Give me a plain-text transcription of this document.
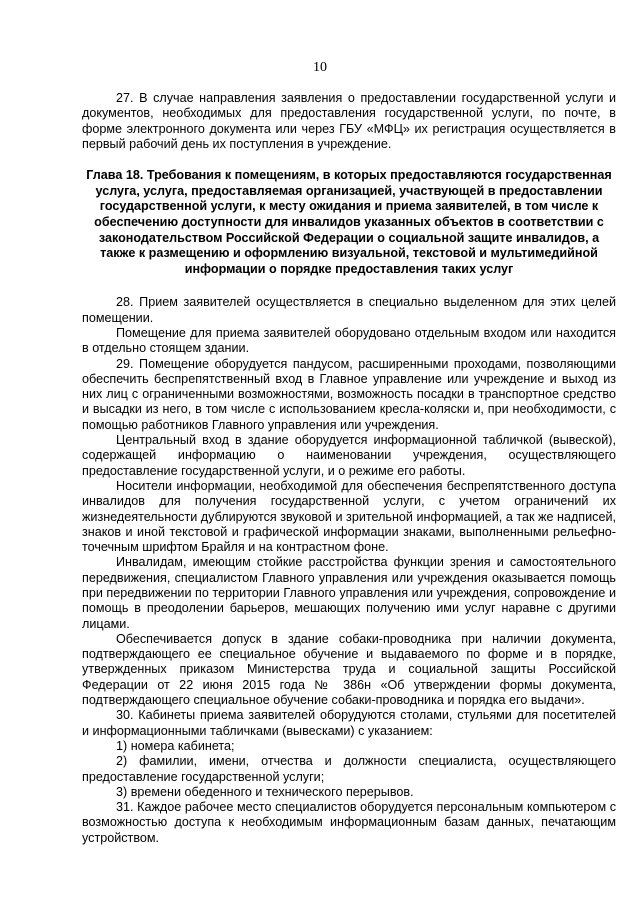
10

27. В случае направления заявления о предоставлении государственной услуги и документов, необходимых для предоставления государственной услуги, по почте, в форме электронного документа или через ГБУ «МФЦ» их регистрация осуществляется в первый рабочий день их поступления в учреждение.

Глава 18. Требования к помещениям, в которых предоставляются государственная услуга, услуга, предоставляемая организацией, участвующей в предоставлении государственной услуги, к месту ожидания и приема заявителей, в том числе к обеспечению доступности для инвалидов указанных объектов в соответствии с законодательством Российской Федерации о социальной защите инвалидов, а также к размещению и оформлению визуальной, текстовой и мультимедийной информации о порядке предоставления таких услуг

28. Прием заявителей осуществляется в специально выделенном для этих целей помещении.

Помещение для приема заявителей оборудовано отдельным входом или находится в отдельно стоящем здании.

29. Помещение оборудуется пандусом, расширенными проходами, позволяющими обеспечить беспрепятственный вход в Главное управление или учреждение и выход из них лиц с ограниченными возможностями, возможность посадки в транспортное средство и высадки из него, в том числе с использованием кресла-коляски и, при необходимости, с помощью работников Главного управления или учреждения.

Центральный вход в здание оборудуется информационной табличкой (вывеской), содержащей информацию о наименовании учреждения, осуществляющего предоставление государственной услуги, и о режиме его работы.

Носители информации, необходимой для обеспечения беспрепятственного доступа инвалидов для получения государственной услуги, с учетом ограничений их жизнедеятельности дублируются звуковой и зрительной информацией, а так же надписей, знаков и иной текстовой и графической информации знаками, выполненными рельефно-точечным шрифтом Брайля и на контрастном фоне.

Инвалидам, имеющим стойкие расстройства функции зрения и самостоятельного передвижения, специалистом Главного управления или учреждения оказывается помощь при передвижении по территории Главного управления или учреждения, сопровождение и помощь в преодолении барьеров, мешающих получению ими услуг наравне с другими лицами.

Обеспечивается допуск в здание собаки-проводника при наличии документа, подтверждающего ее специальное обучение и выдаваемого по форме и в порядке, утвержденных приказом Министерства труда и социальной защиты Российской Федерации от 22 июня 2015 года № 386н «Об утверждении формы документа, подтверждающего специальное обучение собаки-проводника и порядка его выдачи».

30. Кабинеты приема заявителей оборудуются столами, стульями для посетителей и информационными табличками (вывесками) с указанием:

1) номера кабинета;

2) фамилии, имени, отчества и должности специалиста, осуществляющего предоставление государственной услуги;

3) времени обеденного и технического перерывов.

31. Каждое рабочее место специалистов оборудуется персональным компьютером с возможностью доступа к необходимым информационным базам данных, печатающим устройством.
